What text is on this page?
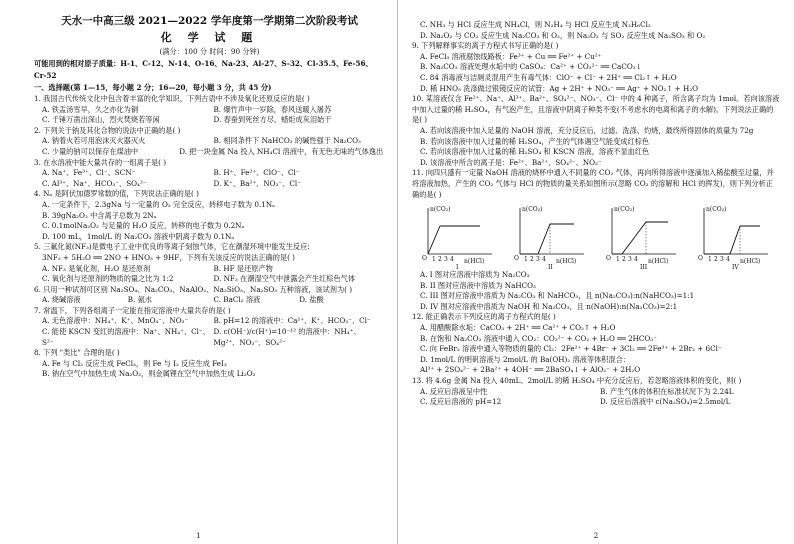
天水一中高三级 2021—2022 学年度第一学期第二次阶段考试
化 学 试 题
(满分：100 分 时间：90 分钟)
可能用到的相对原子质量：H-1、C-12、N-14、O-16、Na-23、Al-27、S-32、Cl-35.5、Fe-56、Cr-52
一、选择题(第 1—15，每小题 2 分；16—20，每小题 3 分，共 45 分)

1. 我国古代传统文化中包含着丰富的化学知识，下列古语中不涉及氧化还原反应的是( )

A. 铁盂汤雪早，久之亦化为铜	B. 爆竹声中一岁除，春风送暖入屠苏
C. 千锤万凿出深山，烈火焚烧若等闲	D. 春蚕到死丝方尽，蜡炬成灰泪始干

2. 下列关于钠及其化合物的说法中正确的是( )

A. 钠着火若可用泡沫灭火器灭火	B. 相同条件下 NaHCO₃ 的碱性强于 Na₂CO₃
C. 少量的钠可以保存在煤油中	D. 把一块金属 Na 投入 NH₄Cl 溶液中，有无色无味的气体逸出

3. 在水溶液中能大量共存的一组离子是( )

A. Na⁺、Fe³⁺、Cl⁻、SCN⁻	B. H⁺、Fe²⁺、ClO⁻、Cl⁻
C. Al³⁺、Na⁺、HCO₃⁻、SO₄²⁻	D. K⁺、Ba²⁺、NO₃⁻、Cl⁻

4. Nₐ 是阿伏加德罗常数的值，下列说法正确的是( )

A. 一定条件下，2.3gNa 与一定量的 O₂ 完全反应，转移电子数为 0.1Nₐ
B. 39gNa₂O₂ 中含离子总数为 2Nₐ
C. 0.1molNa₂O₂ 与足量的 H₂O 反应，转移的电子数为 0.2Nₐ
D. 100 mL，1mol/L 的 Na₂CO₃ 溶液中阴离子数为 0.1Nₐ

5. 三氟化氮(NF₃)是微电子工业中优良的等离子刻蚀气体，它在潮湿环境中能发生反应:

3NF₃ + 5H₂O ══ 2NO + HNO₃ + 9HF，下列有关该反应的说法正确的是( )
A. NF₃ 是氧化剂，H₂O 是还原剂	B. HF 是还原产物
C. 氧化剂与还原剂的物质的量之比为 1:2	D. NF₃ 在潮湿空气中泄露会产生红棕色气体

6. 只用一种试剂可区别 Na₂SO₄、Na₂CO₃、NaAlO₂、Na₂SiO₃、Na₂SO₃ 五种溶液，该试剂为( )

A. 烧碱溶液	B. 氨水	C. BaCl₂ 溶液	D. 盐酸

7. 常温下，下列各组离子一定能在指定溶液中大量共存的是( )

A. 无色溶液中：NH₄⁺、K⁺、MnO₄⁻、NO₃⁻	B. pH=12 的溶液中：Ca²⁺、K⁺、HCO₃⁻、Cl⁻
C. 能使 KSCN 变红的溶液中：Na⁺、NH₄⁺、Cl⁻、S²⁻
D. c(OH⁻)/c(H⁺)=10⁻¹² 的溶液中：NH₄⁺、Mg²⁺、NO₃⁻、SO₄²⁻

8. 下列 "类比" 合理的是( )

A. Fe 与 Cl₂ 反应生成 FeCl₃，则 Fe 与 I₂ 反应生成 FeI₃
B. 钠在空气中加热生成 Na₂O₂，则金属锂在空气中加热生成 Li₂O₂
1
C. NH₃ 与 HCl 反应生成 NH₄Cl，则 N₂H₄ 与 HCl 反应生成 N₂H₆Cl₂
D. Na₂O₂ 与 CO₂ 反应生成 Na₂CO₃ 和 O₂，则 Na₂O₂ 与 SO₂ 反应生成 Na₂SO₃ 和 O₂

9. 下列解释事实的离子方程式书写正确的是( )

A. FeCl₃ 溶液腐蚀线路板：Fe³⁺ + Cu ══ Fe²⁺ + Cu²⁺
B. Na₂CO₃ 溶液处理水垢中的 CaSO₄：Ca²⁺ + CO₃²⁻ ══ CaCO₃↓
C. 84 消毒液与洁厕灵混用产生有毒气体：ClO⁻ + Cl⁻ + 2H⁺ ══ Cl₂↑ + H₂O
D. 稀 HNO₃ 洗涤做过银镜反应的试管：Ag + 2H⁺ + NO₃⁻ ══ Ag⁺ + NO₂↑ + H₂O

10. 某溶液仅含 Fe²⁺、Na⁺、Al³⁺、Ba²⁺、SO₄²⁻、NO₃⁻、Cl⁻ 中的 4 种离子，所含离子均为 1mol。若向该溶液中加入过量的稀 H₂SO₄，有气泡产生，且溶液中阴离子种类不变(不考虑水的电离和离子的水解)。下列说法正确的是( )

A. 若向该溶液中加入足量的 NaOH 溶液，充分反应后，过滤、洗涤、灼烧，最终所得固体的质量为 72g
B. 若向该溶液中加入过量的稀 H₂SO₄，产生的气体遇空气能变成红棕色
C. 若向该溶液中加入过量的稀 H₂SO₄ 和 KSCN 溶液，溶液不显血红色
D. 该溶液中所含的离子是：Fe²⁺、Ba²⁺、SO₄²⁻、NO₃⁻

11. 向四只盛有一定量 NaOH 溶液的烧杯中通入不同量的 CO₂ 气体，再向所得溶液中逐滴加入稀盐酸至过量，并将溶液加热，产生的 CO₂ 气体与 HCl 的物质的量关系如图所示(忽略 CO₂ 的溶解和 HCl 的挥发)，则下列分析正确的是( )

n(CO₂)
n(HCl)
O 1 2 3 4
I
n(CO₂)
n(HCl)
O 1 2 3 4
II
n(CO₂)
n(HCl)
O 1 2 3 4
III
n(CO₂)
n(HCl)
O 1 2 3 4
IV
A. I 图对应溶液中溶质为 Na₂CO₃
B. II 图对应溶液中溶质为 NaHCO₃
C. III 图对应溶液中溶质为 Na₂CO₃ 和 NaHCO₃，且 n(Na₂CO₃):n(NaHCO₃)=1:1
D. IV 图对应溶液中溶质为 NaOH 和 Na₂CO₃，且 n(NaOH):n(Na₂CO₃)=2:1

12. 能正确表示下列反应的离子方程式的是( )

A. 用醋酸除水垢：CaCO₃ + 2H⁺ ══ Ca²⁺ + CO₂↑ + H₂O
B. 在饱和 Na₂CO₃ 溶液中通入 CO₂：CO₃²⁻ + CO₂ + H₂O ══ 2HCO₃⁻
C. 向 FeBr₂ 溶液中通入等物质的量的 Cl₂：2Fe²⁺ + 4Br⁻ + 3Cl₂ ══ 2Fe³⁺ + 2Br₂ + 6Cl⁻
D. 1mol/L 的明矾溶液与 2mol/L 的 Ba(OH)₂ 溶液等体积混合：
Al³⁺ + 2SO₄²⁻ + 2Ba²⁺ + 4OH⁻ ══ 2BaSO₄↓ + AlO₂⁻ + 2H₂O

13. 将 4.6g 金属 Na 投入 40mL、2mol/L 的稀 H₂SO₄ 中充分反应后，若忽略溶液体积的变化，则( )

A. 反应后溶液呈中性	B. 产生气体的体积在标准状况下为 2.24L
C. 反应后溶液的 pH=12	D. 反应后溶液中 c(Na₂SO₄)=2.5mol/L
2
